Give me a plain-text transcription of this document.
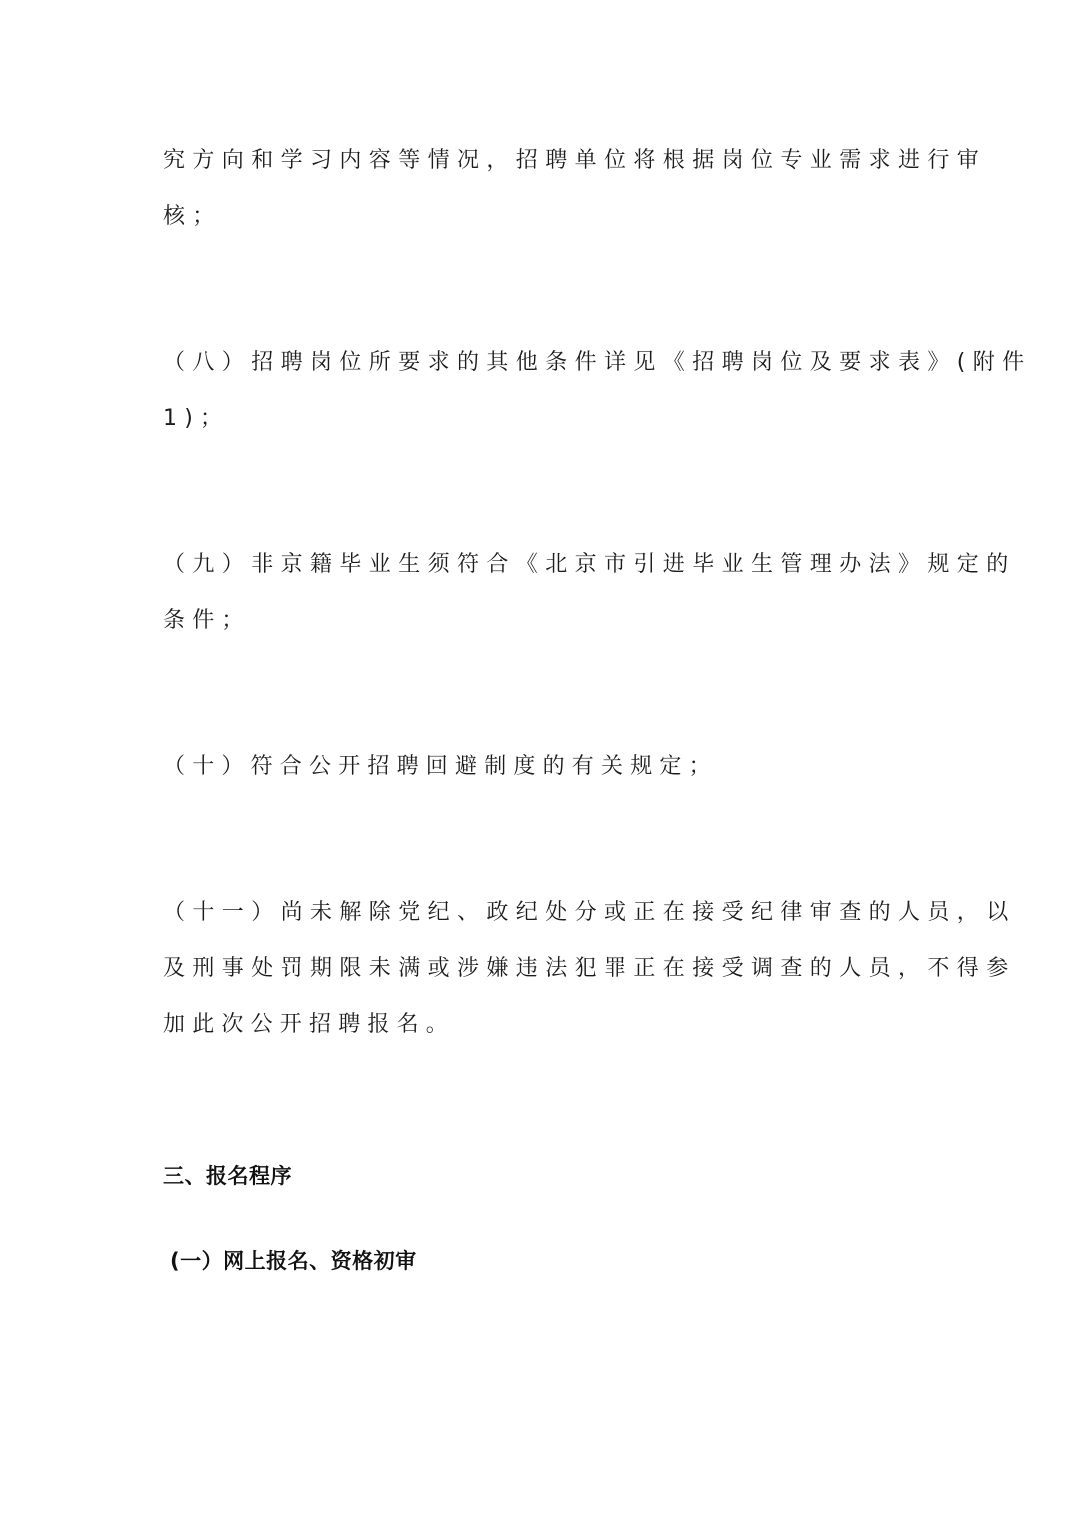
究方向和学习内容等情况，招聘单位将根据岗位专业需求进行审
核；
（八）招聘岗位所要求的其他条件详见《招聘岗位及要求表》(附件
1)；
（九）非京籍毕业生须符合《北京市引进毕业生管理办法》规定的
条件；
（十）符合公开招聘回避制度的有关规定；
（十一）尚未解除党纪、政纪处分或正在接受纪律审查的人员，以
及刑事处罚期限未满或涉嫌违法犯罪正在接受调查的人员，不得参
加此次公开招聘报名。
三、报名程序
(一）网上报名、资格初审
